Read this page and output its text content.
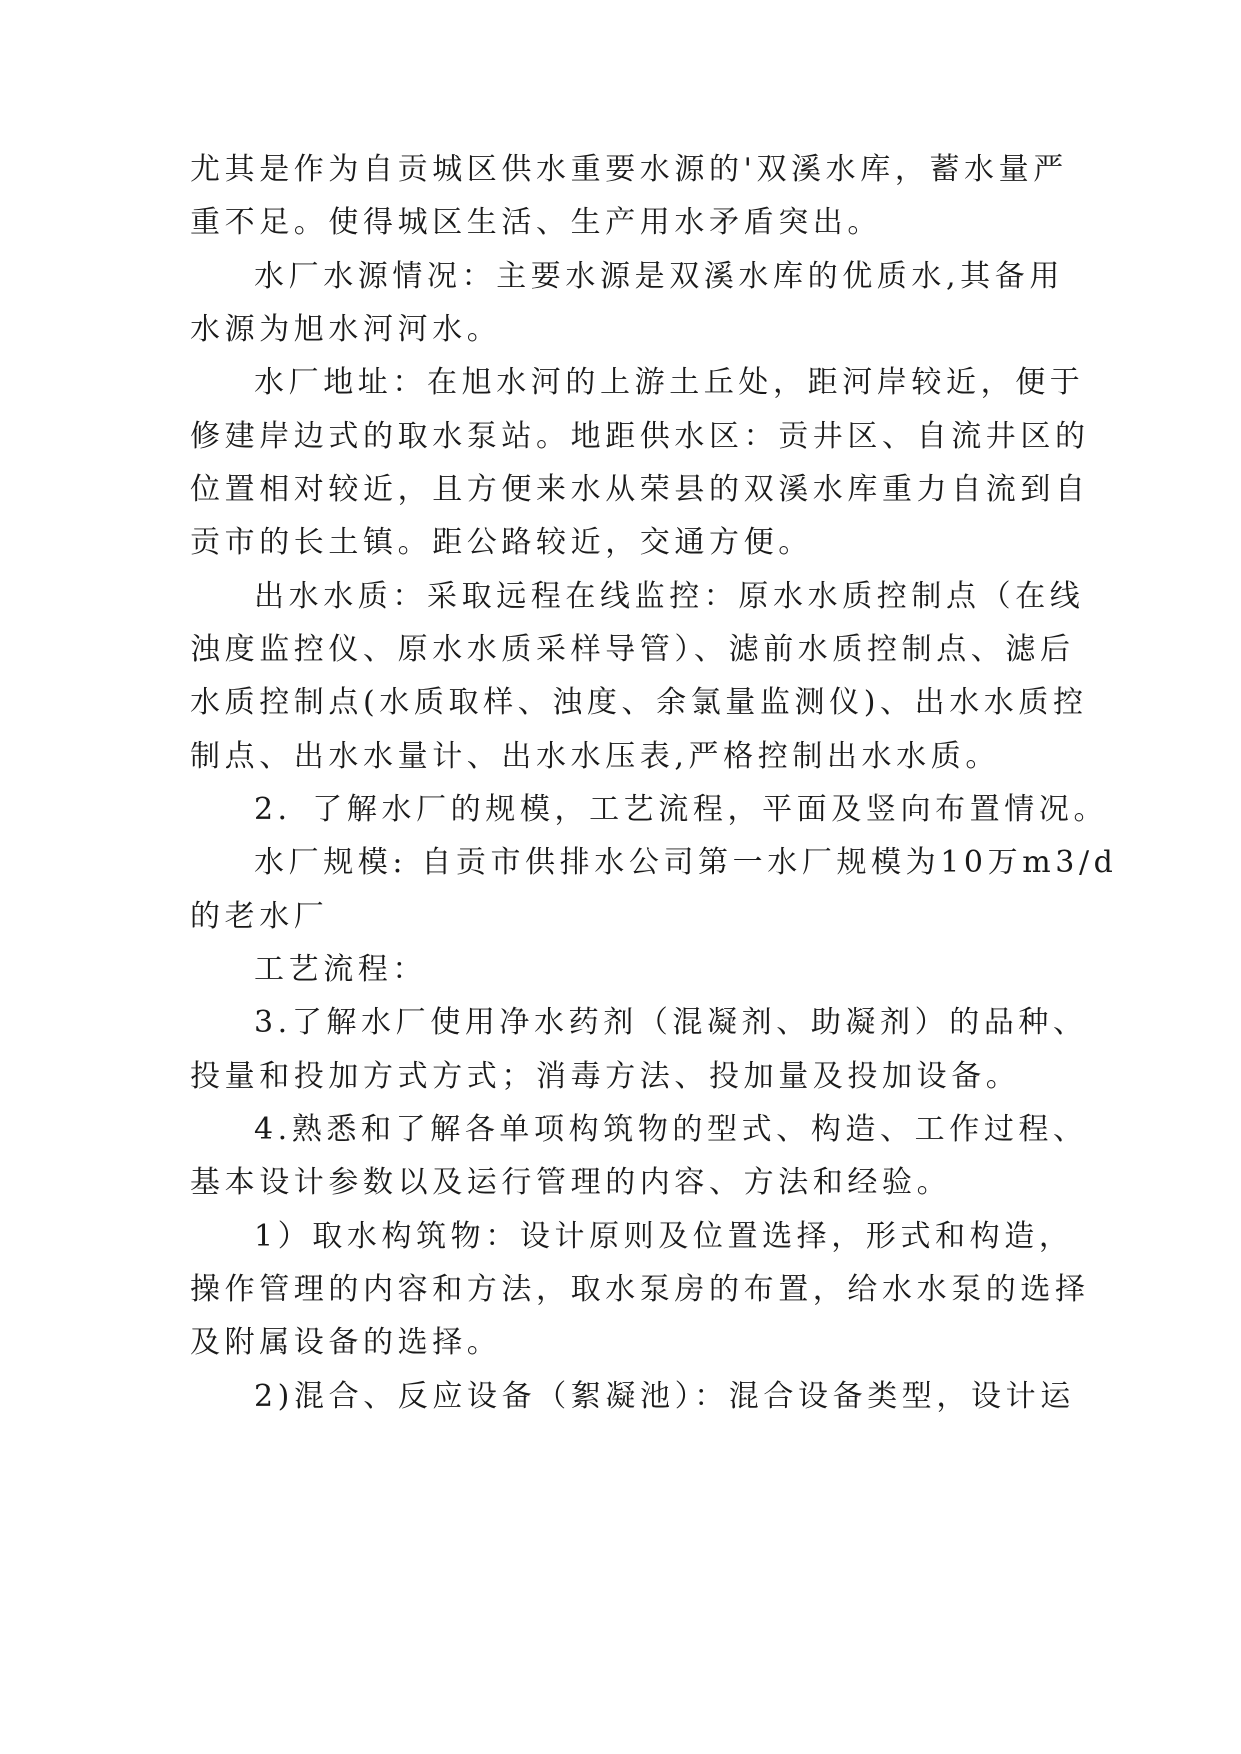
尤其是作为自贡城区供水重要水源的'双溪水库，蓄水量严
重不足。使得城区生活、生产用水矛盾突出。
水厂水源情况：主要水源是双溪水库的优质水,其备用
水源为旭水河河水。
水厂地址：在旭水河的上游土丘处，距河岸较近，便于
修建岸边式的取水泵站。地距供水区：贡井区、自流井区的
位置相对较近，且方便来水从荣县的双溪水库重力自流到自
贡市的长土镇。距公路较近，交通方便。
出水水质：采取远程在线监控：原水水质控制点（在线
浊度监控仪、原水水质采样导管）、滤前水质控制点、滤后
水质控制点(水质取样、浊度、余氯量监测仪)、出水水质控
制点、出水水量计、出水水压表,严格控制出水水质。
2．了解水厂的规模，工艺流程，平面及竖向布置情况。
水厂规模: 自贡市供排水公司第一水厂规模为10万m3/d
的老水厂
工艺流程：
3.了解水厂使用净水药剂（混凝剂、助凝剂）的品种、
投量和投加方式方式；消毒方法、投加量及投加设备。
4.熟悉和了解各单项构筑物的型式、构造、工作过程、
基本设计参数以及运行管理的内容、方法和经验。
1）取水构筑物：设计原则及位置选择，形式和构造，
操作管理的内容和方法，取水泵房的布置，给水水泵的选择
及附属设备的选择。
2)混合、反应设备（絮凝池）：混合设备类型，设计运
